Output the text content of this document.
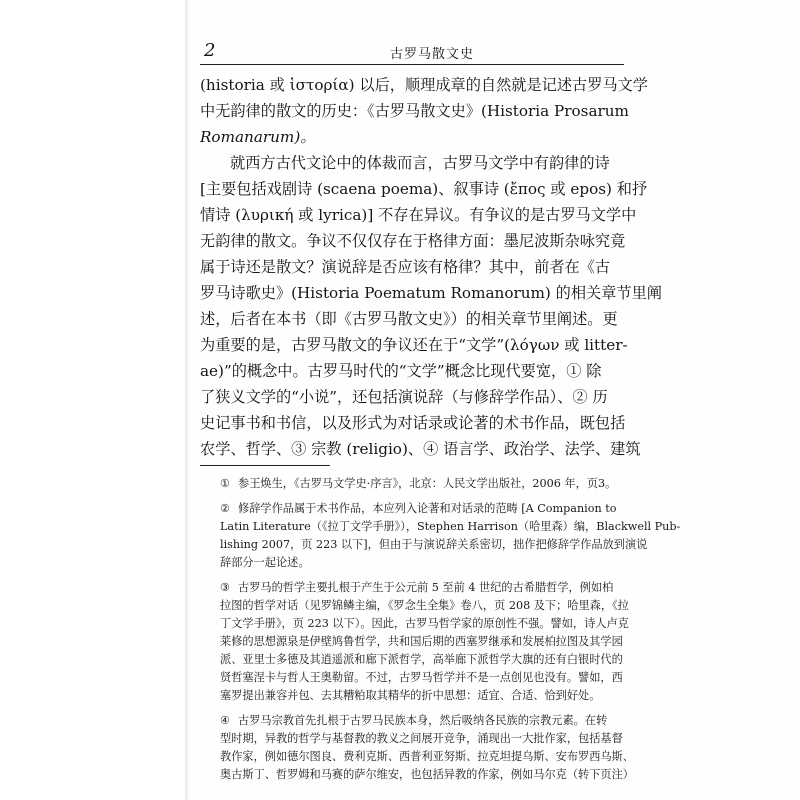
2	古罗马散文史
(historia 或 ἱστορία) 以后，顺理成章的自然就是记述古罗马文学
中无韵律的散文的历史：《古罗马散文史》(Historia Prosarum
Romanarum)。
就西方古代文论中的体裁而言，古罗马文学中有韵律的诗
[主要包括戏剧诗 (scaena poema)、叙事诗 (ἔπος 或 epos) 和抒
情诗 (λυρική 或 lyrica)] 不存在异议。有争议的是古罗马文学中
无韵律的散文。争议不仅仅存在于格律方面：墨尼波斯杂咏究竟
属于诗还是散文？演说辞是否应该有格律？其中，前者在《古
罗马诗歌史》(Historia Poematum Romanorum) 的相关章节里阐
述，后者在本书（即《古罗马散文史》）的相关章节里阐述。更
为重要的是，古罗马散文的争议还在于“文学”(λόγων 或 litter-
ae)”的概念中。古罗马时代的“文学”概念比现代要宽，① 除
了狭义文学的“小说”，还包括演说辞（与修辞学作品）、② 历
史记事书和书信，以及形式为对话录或论著的术书作品，既包括
农学、哲学、③ 宗教 (religio)、④ 语言学、政治学、法学、建筑
① 参王焕生，《古罗马文学史·序言》，北京：人民文学出版社，2006 年，页3。
② 修辞学作品属于术书作品，本应列入论著和对话录的范畴 [A Companion to
Latin Literature（《拉丁文学手册》），Stephen Harrison（哈里森）编，Blackwell Pub-
lishing 2007，页 223 以下]，但由于与演说辞关系密切，拙作把修辞学作品放到演说
辞部分一起论述。
③ 古罗马的哲学主要扎根于产生于公元前 5 至前 4 世纪的古希腊哲学，例如柏
拉图的哲学对话（见罗锦鳞主编，《罗念生全集》卷八，页 208 及下；哈里森，《拉
丁文学手册》，页 223 以下）。因此，古罗马哲学家的原创性不强。譬如，诗人卢克
莱修的思想源泉是伊壁鸠鲁哲学，共和国后期的西塞罗继承和发展柏拉图及其学园
派、亚里士多德及其逍遥派和廊下派哲学，高举廊下派哲学大旗的还有白银时代的
贤哲塞涅卡与哲人王奥勒留。不过，古罗马哲学并不是一点创见也没有。譬如，西
塞罗提出兼容并包、去其糟粕取其精华的折中思想：适宜、合适、恰到好处。
④ 古罗马宗教首先扎根于古罗马民族本身，然后吸纳各民族的宗教元素。在转
型时期，异教的哲学与基督教的教义之间展开竞争，涌现出一大批作家，包括基督
教作家，例如德尔图良、费利克斯、西普利亚努斯、拉克坦提乌斯、安布罗西乌斯、
奥古斯丁、哲罗姆和马赛的萨尔维安，也包括异教的作家，例如马尔克（转下页注）
